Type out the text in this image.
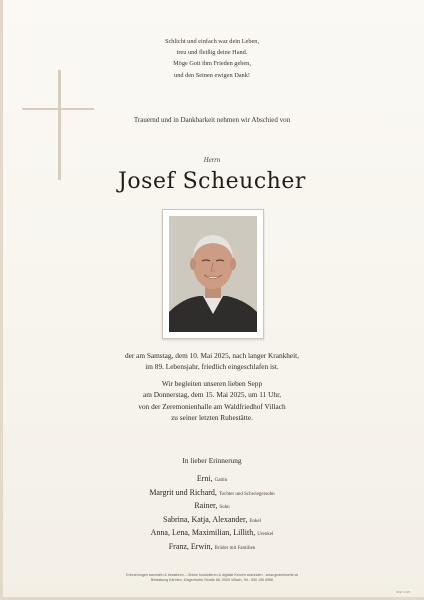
Schlicht und einfach war dein Leben,
treu und fleißig deine Hand.
Möge Gott ihm Frieden geben,
und den Seinen ewigen Dank!
Trauernd und in Dankbarkeit nehmen wir Abschied von
Herrn
Josef Scheucher
der am Samstag, dem 10. Mai 2025, nach langer Krankheit,
im 89. Lebensjahr, friedlich eingeschlafen ist.
Wir begleiten unseren lieben Sepp
am Donnerstag, dem 15. Mai 2025, um 11 Uhr,
von der Zeremonienhalle am Waldfriedhof Villach
zu seiner letzten Ruhestätte.
In lieber Erinnerung
Erni, Gattin
Margrit und Richard, Tochter und Schwiegersohn
Rainer, Sohn
Sabrina, Katja, Alexander, Enkel
Anna, Lena, Maximilian, Lillith, Urenkel
Franz, Erwin, Brüder mit Familien
Erinnerungen sammeln & bewahren – Online kondolieren & digitale Kerzen anzünden - www.gedenkseite.at
Bestattung Kärnten, Klagenfurter Straße 86, 9500 Villach, Tel.: 050 196 6986
8197-V-25
